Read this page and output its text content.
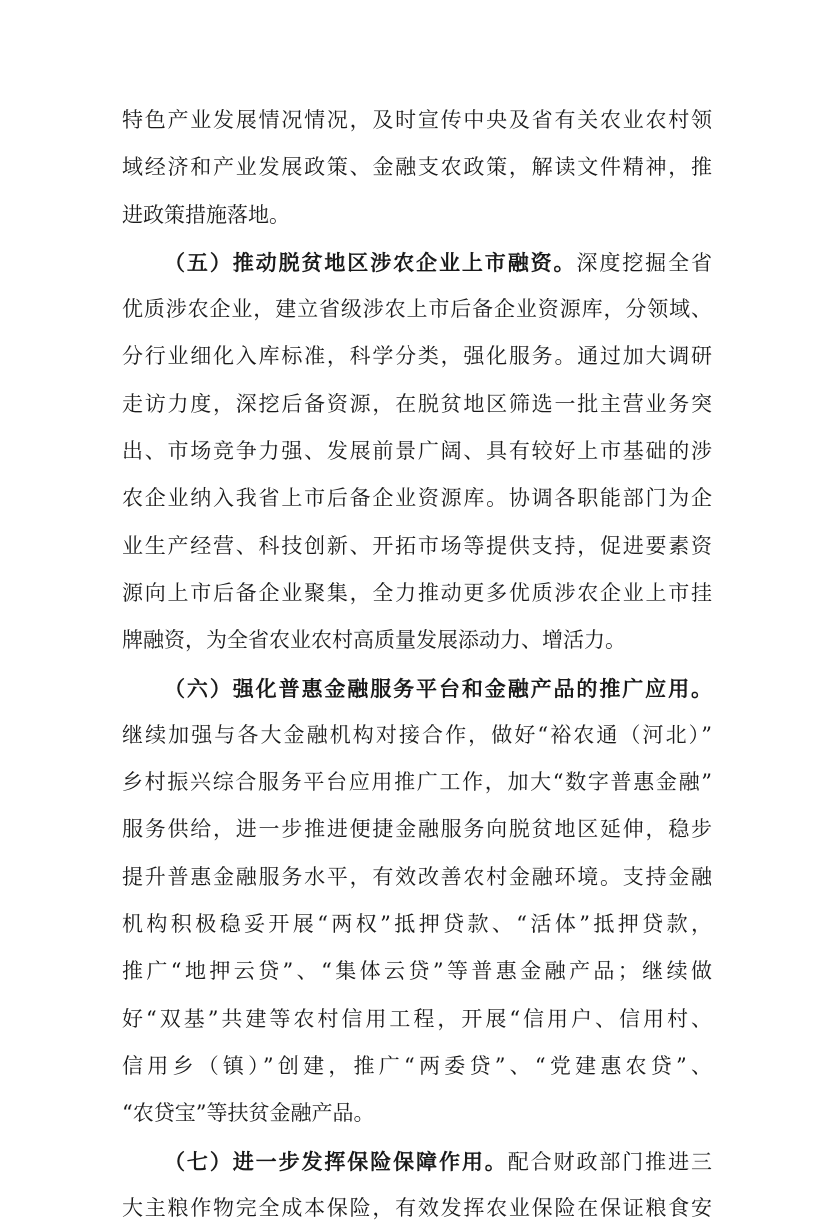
特色产业发展情况情况，及时宣传中央及省有关农业农村领
域经济和产业发展政策、金融支农政策，解读文件精神，推
进政策措施落地。
（五）推动脱贫地区涉农企业上市融资。深度挖掘全省
优质涉农企业，建立省级涉农上市后备企业资源库，分领域、
分行业细化入库标准，科学分类，强化服务。通过加大调研
走访力度，深挖后备资源，在脱贫地区筛选一批主营业务突
出、市场竞争力强、发展前景广阔、具有较好上市基础的涉
农企业纳入我省上市后备企业资源库。协调各职能部门为企
业生产经营、科技创新、开拓市场等提供支持，促进要素资
源向上市后备企业聚集，全力推动更多优质涉农企业上市挂
牌融资，为全省农业农村高质量发展添动力、增活力。
（六）强化普惠金融服务平台和金融产品的推广应用。
继续加强与各大金融机构对接合作，做好“裕农通（河北）”
乡村振兴综合服务平台应用推广工作，加大“数字普惠金融”
服务供给，进一步推进便捷金融服务向脱贫地区延伸，稳步
提升普惠金融服务水平，有效改善农村金融环境。支持金融
机构积极稳妥开展“两权”抵押贷款、“活体”抵押贷款，
推广“地押云贷”、“集体云贷”等普惠金融产品；继续做
好“双基”共建等农村信用工程，开展“信用户、信用村、
信用乡（镇）”创建，推广“两委贷”、“党建惠农贷”、
“农贷宝”等扶贫金融产品。
（七）进一步发挥保险保障作用。配合财政部门推进三
大主粮作物完全成本保险，有效发挥农业保险在保证粮食安
